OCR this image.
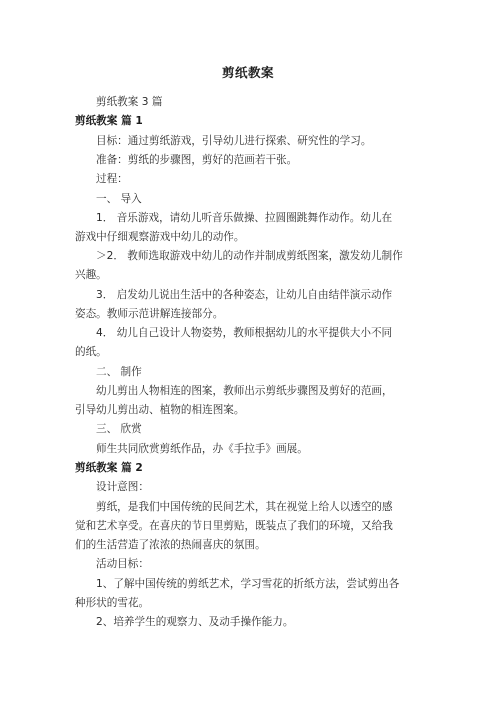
剪纸教案
剪纸教案 3 篇
剪纸教案 篇 1
目标：通过剪纸游戏，引导幼儿进行探索、研究性的学习。
准备：剪纸的步骤图，剪好的范画若干张。
过程：
一、 导入
1． 音乐游戏，请幼儿听音乐做操、拉圆圈跳舞作动作。幼儿在
游戏中仔细观察游戏中幼儿的动作。
＞2． 教师选取游戏中幼儿的动作并制成剪纸图案，激发幼儿制作
兴趣。
3． 启发幼儿说出生活中的各种姿态，让幼儿自由结伴演示动作
姿态。教师示范讲解连接部分。
4． 幼儿自己设计人物姿势，教师根据幼儿的水平提供大小不同
的纸。
二、 制作
幼儿剪出人物相连的图案，教师出示剪纸步骤图及剪好的范画，
引导幼儿剪出动、植物的相连图案。
三、 欣赏
师生共同欣赏剪纸作品，办《手拉手》画展。
剪纸教案 篇 2
设计意图：
剪纸，是我们中国传统的民间艺术，其在视觉上给人以透空的感
觉和艺术享受。在喜庆的节日里剪贴，既装点了我们的环境，又给我
们的生活营造了浓浓的热闹喜庆的氛围。
活动目标：
1、了解中国传统的剪纸艺术，学习雪花的折纸方法，尝试剪出各
种形状的雪花。
2、培养学生的观察力、及动手操作能力。
